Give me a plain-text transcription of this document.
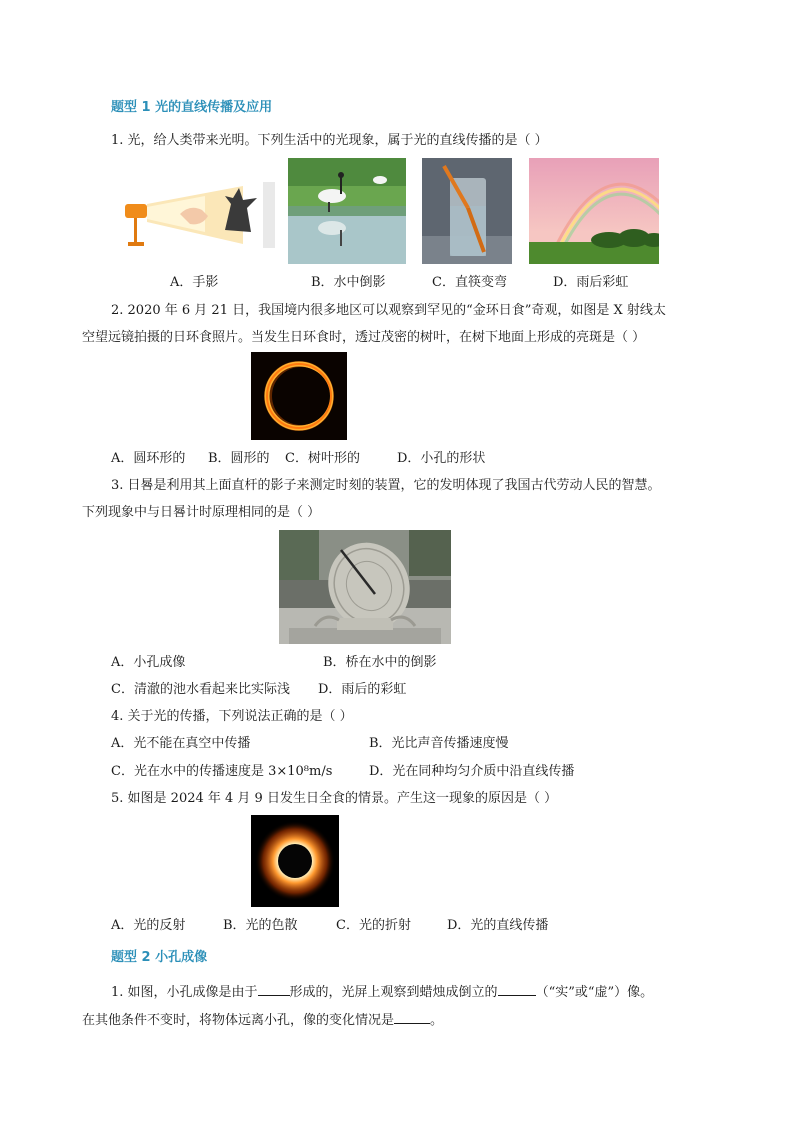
题型 1 光的直线传播及应用
1. 光，给人类带来光明。下列生活中的光现象，属于光的直线传播的是（ ）
A．手影	B．水中倒影	C．直筷变弯	D．雨后彩虹
2. 2020 年 6 月 21 日，我国境内很多地区可以观察到罕见的“金环日食”奇观，如图是 X 射线太
空望远镜拍摄的日环食照片。当发生日环食时，透过茂密的树叶，在树下地面上形成的亮斑是（ ）
A．圆环形的 B．圆形的 C．树叶形的	D．小孔的形状
3. 日晷是利用其上面直杆的影子来测定时刻的装置，它的发明体现了我国古代劳动人民的智慧。
下列现象中与日晷计时原理相同的是（ ）
A．小孔成像	B．桥在水中的倒影
C．清澈的池水看起来比实际浅 D．雨后的彩虹
4. 关于光的传播，下列说法正确的是（ ）
A．光不能在真空中传播	B．光比声音传播速度慢
C．光在水中的传播速度是 3×10⁸m/s	D．光在同种均匀介质中沿直线传播
5. 如图是 2024 年 4 月 9 日发生日全食的情景。产生这一现象的原因是（ ）
A．光的反射	B．光的色散	C．光的折射	D．光的直线传播
题型 2 小孔成像
1. 如图，小孔成像是由于 形成的，光屏上观察到蜡烛成倒立的	（“实”或“虚”）像。
在其他条件不变时，将物体远离小孔，像的变化情况是	。
